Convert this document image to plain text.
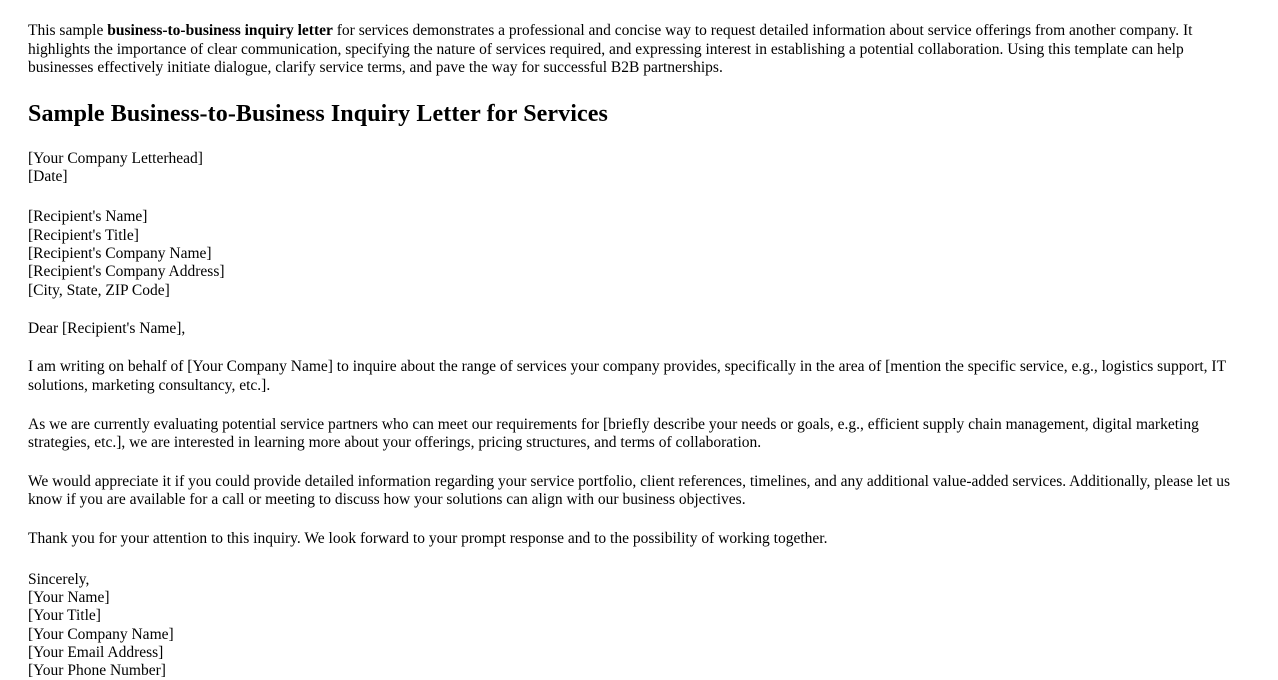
This sample business-to-business inquiry letter for services demonstrates a professional and concise way to request detailed information about service offerings from another company. It highlights the importance of clear communication, specifying the nature of services required, and expressing interest in establishing a potential collaboration. Using this template can help businesses effectively initiate dialogue, clarify service terms, and pave the way for successful B2B partnerships.

Sample Business-to-Business Inquiry Letter for Services
[Your Company Letterhead]
[Date]
[Recipient's Name]
[Recipient's Title]
[Recipient's Company Name]
[Recipient's Company Address]
[City, State, ZIP Code]

Dear [Recipient's Name],

I am writing on behalf of [Your Company Name] to inquire about the range of services your company provides, specifically in the area of [mention the specific service, e.g., logistics support, IT solutions, marketing consultancy, etc.].

As we are currently evaluating potential service partners who can meet our requirements for [briefly describe your needs or goals, e.g., efficient supply chain management, digital marketing strategies, etc.], we are interested in learning more about your offerings, pricing structures, and terms of collaboration.

We would appreciate it if you could provide detailed information regarding your service portfolio, client references, timelines, and any additional value-added services. Additionally, please let us know if you are available for a call or meeting to discuss how your solutions can align with our business objectives.

Thank you for your attention to this inquiry. We look forward to your prompt response and to the possibility of working together.

Sincerely,
[Your Name]
[Your Title]
[Your Company Name]
[Your Email Address]
[Your Phone Number]
